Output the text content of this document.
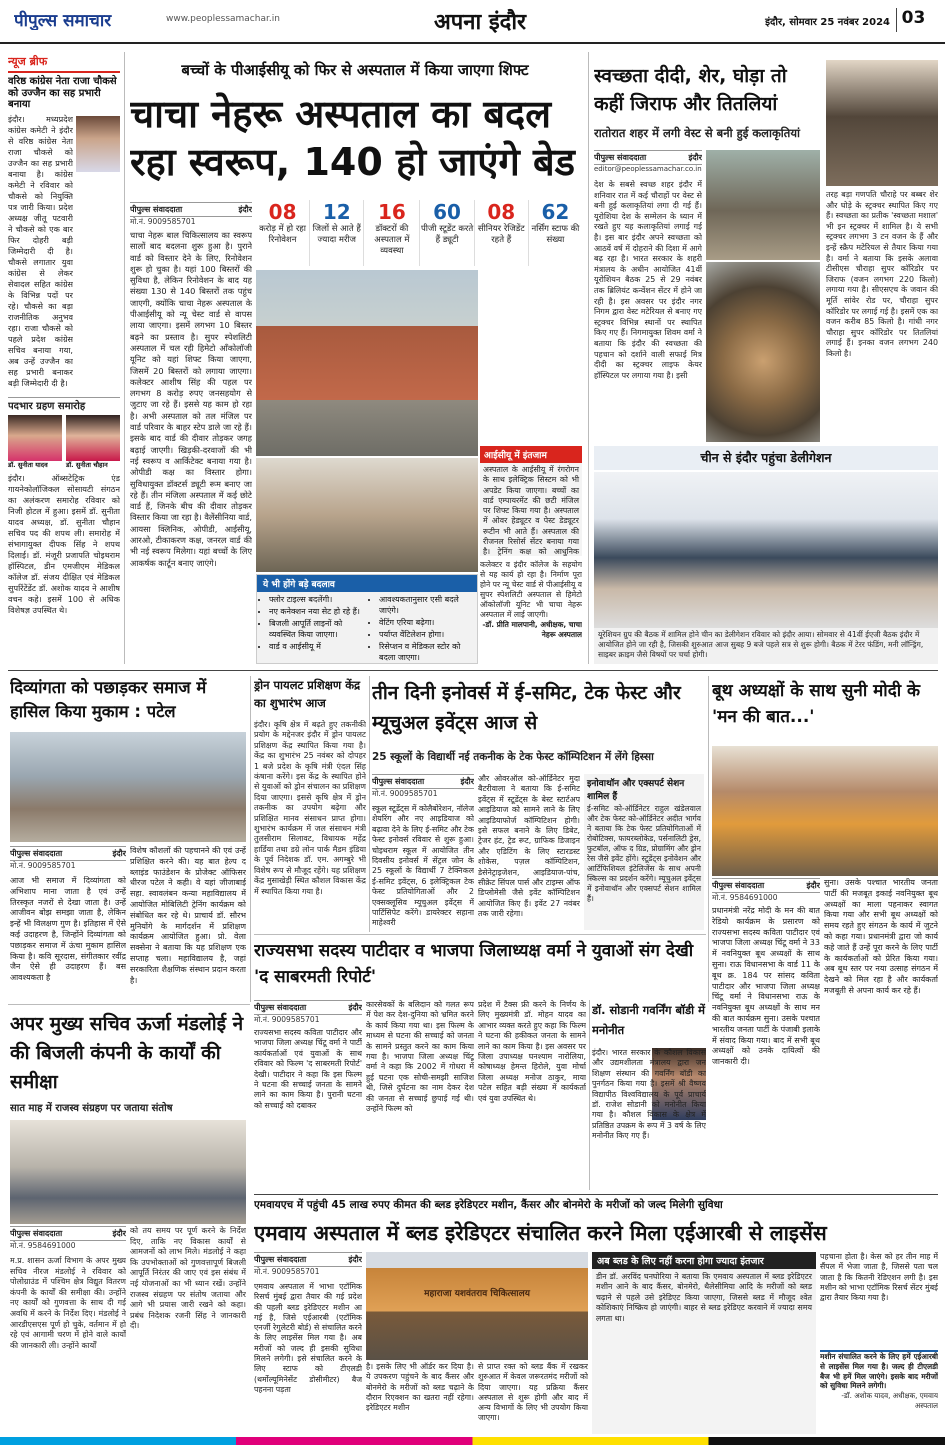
पीपुल्स समाचार	www.peoplessamachar.in	अपना इंदौर	इंदौर, सोमवार 25 नवंबर 2024 03
न्यूज ब्रीफ

वरिष्ठ कांग्रेस नेता राजा चौकसे को उज्जैन का सह प्रभारी बनाया

इंदौर। मध्यप्रदेश कांग्रेस कमेटी ने इंदौर से वरिष्ठ कांग्रेस नेता राजा चौकसे को उज्जैन का सह प्रभारी बनाया है। कांग्रेस कमेटी ने रविवार को चौकसे को नियुक्ति पत्र जारी किया। प्रदेश अध्यक्ष जीतू पटवारी ने चौकसे को एक बार फिर दोहरी बड़ी जिम्मेदारी दी है। चौकसे लगातार युवा कांग्रेस से लेकर सेवादल सहित कांग्रेस के विभिन्न पदों पर रहे। चौकसे का बड़ा राजनीतिक अनुभव रहा। राजा चौकसे को पहले प्रदेश कांग्रेस सचिव बनाया गया, अब उन्हें उज्जैन का सह प्रभारी बनाकर बड़ी जिम्मेदारी दी है।

पदभार ग्रहण समारोह

डॉ. सुनीता यादव	डॉ. सुनीता चौहान

इंदौर। ऑब्सटेट्रिक एंड गायनेकोलॉजिकल सोसायटी संगठन का अलंकरण समारोह रविवार को निजी होटल में हुआ। इसमें डॉ. सुनीता यादव अध्यक्ष, डॉ. सुनीता चौहान सचिव पद की शपथ ली। समारोह में संभागायुक्त दीपक सिंह ने शपथ दिलाई। डॉ. मंजूरी प्रजापति चोइथराम हॉस्पिटल, डीन एमजीएम मेडिकल कॉलेज डॉ. संजय दीक्षित एवं मेडिकल सुपरिंटेंडेंट डॉ. अशोक यादव ने आशीष वचन कहे। इसमें 100 से अधिक विशेषज्ञ उपस्थित थे।

बच्चों के पीआईसीयू को फिर से अस्पताल में किया जाएगा शिफ्ट
चाचा नेहरू अस्पताल का बदल रहा स्वरूप, 140 हो जाएंगे बेड
पीपुल्स संवाददाता	इंदौर
मो.नं. 9009585701	08
करोड़ में हो रहा रिनोवेशन
12
जिलों से आते हैं ज्यादा मरीज
16
डॉक्टरों की अस्पताल में व्यवस्था
60
पीजी स्टूडेंट करते हैं ड्यूटी
08
सीनियर रेजिडेंट रहते हैं
62
नर्सिंग स्टाफ की संख्या

चाचा नेहरू बाल चिकित्सालय का स्वरूप सालों बाद बदलना शुरू हुआ है। पुराने वार्ड को विस्तार देने के लिए, रिनोवेशन शुरू हो चुका है। यहां 100 बिस्तरों की सुविधा है, लेकिन रिनोवेशन के बाद यह संख्या 130 से 140 बिस्तरों तक पहुंच जाएगी, क्योंकि चाचा नेहरू अस्पताल के पीआईसीयू को न्यू चेस्ट वार्ड से वापस लाया जाएगा। इसमें लगभग 10 बिस्तर बढ़ने का प्रस्ताव है। सुपर स्पेशलिटी अस्पताल में चल रही हिमेटो ऑंकोलॉजी यूनिट को यहां शिफ्ट किया जाएगा, जिसमें 20 बिस्तरों को लगाया जाएगा। कलेक्टर आशीष सिंह की पहल पर लगभग 8 करोड़ रुपए जनसहयोग से जुटाए जा रहे हैं। इससे यह काम हो रहा है। अभी अस्पताल को तल मंजिल पर वार्ड परिवार के बाहर स्टेप डाले जा रहे हैं। इसके बाद वार्ड की दीवार तोड़कर जगह बढ़ाई जाएगी। खिड़की-दरवाजों की भी नई स्वरूप व आर्किटेक्ट बनाया गया है। ओपीडी कक्ष का विस्तार होगा। सुविधायुक्त डॉक्टर्स ड्यूटी रूम बनाए जा रहे हैं। तीन मंजिला अस्पताल में कई छोटे वार्ड हैं, जिनके बीच की दीवार तोड़कर विस्तार किया जा रहा है। वैलेंसीनिया वार्ड, आयसा क्लिनिक, ओपीडी, आईसीयू, आरओ, टीकाकरण कक्ष, जनरल वार्ड की भी नई स्वरूप मिलेगा। यहां बच्चों के लिए आकर्षक कार्टून बनाए जाएंगे।

आईसीयू में इंतजाम

अस्पताल के आईसीयू में रंगरोगन के साथ इलेक्ट्रिक सिस्टम को भी अपडेट किया जाएगा। बच्चों का वार्ड एम्पायरमेंट की छटी मंजिल पर शिफ्ट किया गया है। अस्पताल में ओवर हेड्यूटर व पेस्ट डेड्यूटर रूटीन भी आते हैं। अस्पताल की रीजनल रिसोर्स सेंटर बनाया गया है। ट्रेनिंग कक्ष को आधुनिक

ये भी होंगे बड़े बदलाव
• फ्लोर टाइल्स बदलेंगी।
• नए कनेक्शन नया सेट हो रहे हैं।
• बिजली आपूर्ति लाइनों को व्यवस्थित किया जाएगा।
• वार्ड व आईसीयू में
• आवश्यकतानुसार एसी बदले जाएंगे।
• वेटिंग एरिया बढ़ेगा।
• पर्याप्त वेंटिलेशन होगा।
• रिसेप्शन व मेडिकल स्टोर को बदला जाएगा।

कलेक्टर व इंदौर कॉलेज के सहयोग से यह कार्य हो रहा है। निर्माण पूरा होने पर न्यू चेस्ट वार्ड से पीआईसीयू व सुपर स्पेशलिटी अस्पताल से हिमेटो ऑकोलॉजी यूनिट भी चाचा नेहरू अस्पताल में लाई जाएगी।

-डॉ. प्रीति मालपानी, अधीक्षक, चाचा नेहरू अस्पताल

स्वच्छता दीदी, शेर, घोड़ा तो कहीं जिराफ और तितलियां
रातोरात शहर में लगी वेस्ट से बनी हुई कलाकृतियां
पीपुल्स संवाददाता	इंदौर
editor@peoplessamachar.co.in

देश के सबसे स्वच्छ शहर इंदौर में शनिवार रात में कई चौराहों पर वेस्ट से बनी हुई कलाकृतियां लगा दी गई हैं। यूरोशिया देश के सम्मेलन के ध्यान में रखते हुए यह कलाकृतियां लगाई गई है। इस बार इंदौर अपने स्वच्छता को आठवें वर्ष में दोहराने की दिशा में आगे बढ़ रहा है। भारत सरकार के शहरी मंत्रालय के अधीन आयोजित 41वीं यूरोशियन बैठक 25 से 29 नवंबर तक ब्रिलियंट कन्वेंशन सेंटर में होने जा रही है। इस अवसर पर इंदौर नगर निगम द्वारा वेस्ट मटेरियल से बनाए गए स्ट्रक्चर विभिन्न स्थानों पर स्थापित किए गए हैं। निगमायुक्त शिवम वर्मा ने बताया कि इंदौर की स्वच्छता की पहचान को दर्शाने वाली सफाई मित्र दीदी का स्ट्रक्चर लाइफ केयर हॉस्पिटल पर लगाया गया है। इसी

तरह बड़ा गणपति चौराहे पर बब्बर शेर और घोड़े के स्ट्रक्चर स्थापित किए गए हैं। स्वच्छता का प्रतीक 'स्वच्छता मशाल' भी इन स्ट्रक्चर में शामिल है। ये सभी स्ट्रक्चर लगभग 3 टन वजन के हैं और इन्हें स्क्रैप मटेरियल से तैयार किया गया है। वर्मा ने बताया कि इसके अलावा टीसीएस चौराहा सुपर कॉरिडोर पर जिराफ (वजन लगभग 220 किलो) लगाया गया है। सीएसएच के जवान की मूर्ति सांवेर रोड पर, चौराहा सुपर कॉरिडोर पर लगाई गई है। इसमें एक का वजन करीब 85 किलो है। गांधी नगर चौराहा सुपर कॉरिडोर पर तितलियां लगाई हैं। इनका वजन लगभग 240 किलो है।

चीन से इंदौर पहुंचा डेलीगेशन
यूरेशियन ग्रुप की बैठक में शामिल होने चीन का डेलीगेशन रविवार को इंदौर आया। सोमवार से 41वीं ईएजी बैठक इंदौर में आयोजित होने जा रही है, जिसकी शुरुआत आज सुबह 9 बजे पहले सत्र से शुरू होगी। बैठक में टेरर फंडिंग, मनी लॉन्ड्रिंग, साइबर क्राइम जैसे विषयों पर चर्चा होगी।
दिव्यांगता को पछाड़कर समाज में हासिल किया मुकाम : पटेल
पीपुल्स संवाददाता	इंदौर
मो.नं. 9009585701

आज भी समाज में दिव्यांगता को अभिशाप माना जाता है एवं उन्हें तिरस्कृत नजरों से देखा जाता है। उन्हें आजीवन बोझ समझा जाता है, लेकिन इन्हें भी विलक्षण गुण है। इतिहास में ऐसे कई उदाहरण है, जिन्होंने दिव्यांगता को पछाड़कर समाज में ऊंचा मुकाम हासिल किया है। कवि सूरदास, संगीतकार रवींद्र जैन ऐसे ही उदाहरण हैं। बस आवश्यकता है

विशेष कौशलों की पहचानने की एवं उन्हें प्रशिक्षित करने की। यह बात हेल्प द ब्लाइंड फाउंडेशन के प्रोजेक्ट ऑफिसर धीरज पटेल ने कही। वे यहां जीजाबाई सहा. स्वावलंबन कन्या महाविद्यालय में आयोजित मोबिलिटी ट्रेनिंग कार्यक्रम को संबोधित कर रहे थे। प्राचार्य डॉ. सौरभ मुनियोंगे के मार्गदर्शन में प्रशिक्षण कार्यक्रम आयोजित हुआ। प्रो. वेला सक्सेना ने बताया कि यह प्रशिक्षण एक सप्ताह चला। महाविद्यालय है, जहां सरकारिता शैक्षणिक संस्थान प्रदान करता है।

ड्रोन पायलट प्रशिक्षण केंद्र का शुभारंभ आज

इंदौर। कृषि क्षेत्र में बढ़ते हुए तकनीकी प्रयोग के मद्देनजर इंदौर में ड्रोन पायलट प्रशिक्षण केंद्र स्थापित किया गया है। केंद्र का शुभारंभ 25 नवंबर को दोपहर 1 बजे प्रदेश के कृषि मंत्री एंदल सिंह कंषाना करेंगे। इस केंद्र के स्थापित होने से युवाओं को ड्रोन संचालन का प्रशिक्षण दिया जाएगा। इससे कृषि क्षेत्र में ड्रोन तकनीक का उपयोग बढ़ेगा और प्रशिक्षित मानव संसाधन प्राप्त होगा। शुभारंभ कार्यक्रम में जल संसाधन मंत्री तुलसीराम सिलावट, विधायक महेंद्र हार्डिया तथा डग्रे लोन पार्क मैडम इंडिया के पूर्व निदेशक डॉ. एम. अगम्बुरे भी विशेष रूप से मौजूद रहेंगे। यह प्रशिक्षण केंद्र मुसाखेड़ी स्थित कौशल विकास केंद्र में स्थापित किया गया है।

तीन दिनी इनोवर्स में ई-समिट, टेक फेस्ट और म्यूचुअल इवेंट्स आज से
25 स्कूलों के विद्यार्थी नई तकनीक के टेक फेस्ट कॉम्पिटिशन में लेंगे हिस्सा
पीपुल्स संवाददाता	इंदौर
मो.नं. 9009585701

स्कूल स्टूडेंट्स में कोलैबोरेशन, नॉलेज शेयरिंग और नए आइडियाज को बढ़ावा देने के लिए ई-समिट और टेक फेस्ट इनोवर्स रविवार से शुरू हुआ। चोइथराम स्कूल में आयोजित तीन दिवसीय इनोवर्स में सेंट्रल जोन के 25 स्कूलों के विद्यार्थी 7 टेक्निकल ई-समिट इवेंट्स, 6 इलेक्ट्रिकल टेक फेस्ट प्रतियोगिताओं और 2 एक्सक्लूसिव म्यूचुअल इवेंट्स में पार्टिसिपेट करेंगे। डायरेक्टर सहाना माहेश्वरी

और ओवरऑल को-ऑर्डिनेटर मुदा बैटरीवाला ने बताया कि ई-समिट इवेंट्स में स्टूडेंट्स के बेस्ट स्टार्टअप आइडियाज को सामने लाने के लिए आइडियाफोर्ज कॉम्पिटिशन होगी। इसे सफल बनाने के लिए डिबेट, ट्रेजर हंट, ट्रेड रूट, ग्राफिक डिजाइन और एडिटिंग के लिए स्टारडस्ट शोकेस, पज़ल कॉम्पिटिशन, डेसेनेट्राइजेशन, आइडियाज-पांच, सीक्रेट सिंपल पार्स और टाइम्स ऑफ डिप्लोमेसी जैसे इवेंट कॉम्पिटिशन आयोजित किए हैं। इवेंट 27 नवंबर तक जारी रहेगा।

इनोवाथॉन और एक्सपर्ट सेशन शामिल हैं

ई-समिट को-ऑर्डिनेटर राहुल खंडेलवाल और टेक फेस्ट को-ऑर्डिनेटर अदीत भार्गव ने बताया कि टेक फेस्ट प्रतियोगिताओं में रोबोटिक्स, फायरब्लोकेड, पर्सनालिटी ड्रेस, फुटबॉल, ऑफ द ग्रिड, प्रोग्रामिंग और ड्रोन रेस जैसे इवेंट होंगे। स्टूडेंट्स इनोवेशन और आर्टिफिशियल इंटेलिजेंस के साथ अपनी स्किल्स का प्रदर्शन करेंगे। म्यूचुअल इवेंट्स में इनोवाथॉन और एक्सपर्ट सेशन शामिल हैं।

बूथ अध्यक्षों के साथ सुनी मोदी के 'मन की बात...'
पीपुल्स संवाददाता	इंदौर
मो.नं. 9584691000

प्रधानमंत्री नरेंद्र मोदी के मन की बात रेडियो कार्यक्रम के प्रसारण को राज्यसभा सदस्य कविता पाटीदार एवं भाजपा जिला अध्यक्ष चिंटू वर्मा ने 33 में नवनियुक्त बूथ अध्यक्षों के साथ सुना। राऊ विधानसभा के वार्ड 11 के बूथ क्र. 184 पर सांसद कविता पाटीदार और भाजपा जिला अध्यक्ष चिंटू वर्मा ने विधानसभा राऊ के नवनियुक्त बूथ अध्यक्षों के साथ मन की बात कार्यक्रम सुना। उसके पश्चात भारतीय जनता पार्टी के पंजाबी इलाके में संवाद किया गया। बाद में सभी बूथ अध्यक्षों को उनके दायित्वों की जानकारी दी।

सुना। उसके पश्चात भारतीय जनता पार्टी की मजबूत इकाई नवनियुक्त बूथ अध्यक्षों का माला पहनाकर स्वागत किया गया और सभी बूथ अध्यक्षों को समय रहते हुए संगठन के कार्य में जुटने को कहा गया। प्रधानमंत्री द्वारा जो कार्य कहे जाते हैं उन्हें पूरा करने के लिए पार्टी के कार्यकर्ताओं को प्रेरित किया गया। अब बूथ स्तर पर नया उत्साह संगठन में देखने को मिल रहा है और कार्यकर्ता मजबूती से अपना कार्य कर रहे हैं।

राज्यसभा सदस्य पाटीदार व भाजपा जिलाध्यक्ष वर्मा ने युवाओं संग देखी 'द साबरमती रिपोर्ट'
पीपुल्स संवाददाता	इंदौर
मो.नं. 9009585701

राज्यसभा सदस्य कविता पाटीदार और भाजपा जिला अध्यक्ष चिंटू वर्मा ने पार्टी कार्यकर्ताओं एवं युवाओं के साथ रविवार को फिल्म 'द साबरमती रिपोर्ट' देखी। पाटीदार ने कहा कि इस फिल्म ने घटना की सच्चाई जनता के सामने लाने का काम किया है। पुरानी घटना को सच्चाई को दबाकर

कारसेवकों के बलिदान को गलत रूप में पेश कर देश-दुनिया को भ्रमित करने के कार्य किया गया था। इस फिल्म के माध्यम से घटना की सच्चाई को जनता के सामने प्रस्तुत करने का काम किया गया है। भाजपा जिला अध्यक्ष चिंटू वर्मा ने कहा कि 2002 में गोधरा में हुई घटना एक सोची-समझी साजिश थी, जिसे दुर्घटना का नाम देकर देश की जनता से सच्चाई छुपाई गई थी। उन्होंने फिल्म को

प्रदेश में टैक्स फ्री करने के निर्णय के लिए मुख्यमंत्री डॉ. मोहन यादव का आभार व्यक्त करते हुए कहा कि फिल्म ने घटना की हकीकत जनता के सामने लाने का काम किया है। इस अवसर पर जिला उपाध्यक्ष घनश्याम नारोलिया, कोषाध्यक्ष हेमन्त हिरोले, युवा मोर्चा जिला अध्यक्ष मनोज ठाकुर, माया पटेल सहित बड़ी संख्या में कार्यकर्ता एवं युवा उपस्थित थे।

डॉ. सोडानी गवर्निंग बॉडी में मनोनीत

इंदौर। भारत सरकार के कौशल विकास और उद्यमशीलता मंत्रालय द्वारा जन शिक्षण संस्थान की गवर्निंग बॉडी का पुनर्गठन किया गया है। इसमें श्री वैष्णव विद्यापीठ विश्वविद्यालय के पूर्व प्राचार्य डॉ. राजेश सोडानी को मनोनीत किया गया है। कौशल विकास के क्षेत्र में प्रतिष्ठित उपक्रम के रूप में 3 वर्ष के लिए मनोनीत किए गए हैं।

अपर मुख्य सचिव ऊर्जा मंडलोई ने की बिजली कंपनी के कार्यों की समीक्षा
सात माह में राजस्व संग्रहण पर जताया संतोष
पीपुल्स संवाददाता	इंदौर
मो.नं. 9584691000

म.प्र. शासन ऊर्जा विभाग के अपर मुख्य सचिव नीरज मंडलोई ने रविवार को पोलोग्राउंड में पश्चिम क्षेत्र विद्युत वितरण कंपनी के कार्यों की समीक्षा की। उन्होंने नए कार्यों को गुणवत्ता के साथ दी गई अवधि में करने के निर्देश दिए। मंडलोई ने आरडीएसएस पूर्ण हो चुके, वर्तमान में हो रहे एवं आगामी चरण में होने वाले कार्यों की जानकारी ली। उन्होंने कार्यों

को तय समय पर पूर्ण करने के निर्देश दिए, ताकि नए विकास कार्यों से आमजनों को लाभ मिले। मंडलोई ने कहा कि उपभोक्ताओं को गुणवत्तापूर्ण बिजली आपूर्ति निरंतर की जाए एवं इस संबंध में नई योजनाओं का भी ध्यान रखें। उन्होंने राजस्व संग्रहण पर संतोष जताया और आगे भी प्रयास जारी रखने को कहा। प्रबंध निदेशक रजनी सिंह ने जानकारी दी।

एमवायएच में पहुंची 45 लाख रुपए कीमत की ब्लड इरेडिएटर मशीन, कैंसर और बोनमेरो के मरीजों को जल्द मिलेगी सुविधा
एमवाय अस्पताल में ब्लड इरेडिएटर संचालित करने मिला एईआरबी से लाइसेंस
पीपुल्स संवाददाता	इंदौर
मो.नं. 9009585701

एमवाय अस्पताल में भाभा एटॉमिक रिसर्च मुंबई द्वारा तैयार की गई प्रदेश की पहली ब्लड इरेडिएटर मशीन आ गई है, जिसे एईआरबी (एटॉमिक एनर्जी रेगुलेटरी बोर्ड) से संचालित करने के लिए लाइसेंस मिल गया है। अब मरीजों को जल्द ही इसकी सुविधा मिलने लगेगी। इसे संचालित करने के लिए स्टाफ को टीएलडी (थर्मोल्यूमिनेसेंट डोसीमीटर) बैज पहनना पड़ता

महाराजा यशवंतराव चिकित्सालय

है। इसके लिए भी ऑर्डर कर दिया है। ये उपकरण पहुंचने के बाद कैंसर और बोनमेरो के मरीजों को ब्लड चढ़ाने के दौरान रिएक्शन का खतरा नहीं रहेगा। इरेडिएटर मशीन

से प्राप्त रक्त को ब्लड बैंक में रखकर शुरुआत में केवल जरूरतमंद मरीजों को दिया जाएगा। यह प्रक्रिया कैंसर अस्पताल से शुरू होगी और बाद में अन्य विभागों के लिए भी उपयोग किया जाएगा।

अब ब्लड के लिए नहीं करना होगा ज्यादा इंतजार

डीन डॉ. अरविंद घनघोरिया ने बताया कि एमवाय अस्पताल में ब्लड इरेडिएटर मशीन आने के बाद कैंसर, बोनमेरो, थैलेसीमिया आदि के मरीजों को ब्लड चढ़ाने से पहले उसे इरेडिएट किया जाएगा, जिससे ब्लड में मौजूद श्वेत कोशिकाएं निष्क्रिय हो जाएंगी। बाहर से ब्लड इरेडिएट करवाने में ज्यादा समय लगता था।

पहचाना होता है। केस को हर तीन माह में सैंपल में भेजा जाता है, जिससे पता चल जाता है कि कितनी रेडिएशन लगी है। इस मशीन को भाभा एटॉमिक रिसर्च सेंटर मुंबई द्वारा तैयार किया गया है।

मशीन संचालित करने के लिए हमें एईआरबी से लाइसेंस मिल गया है। जल्द ही टीएलडी बैज भी हमें मिल जाएंगे। इसके बाद मरीजों को सुविधा मिलने लगेगी।

-डॉ. अशोक यादव, अधीक्षक, एमवाय अस्पताल
